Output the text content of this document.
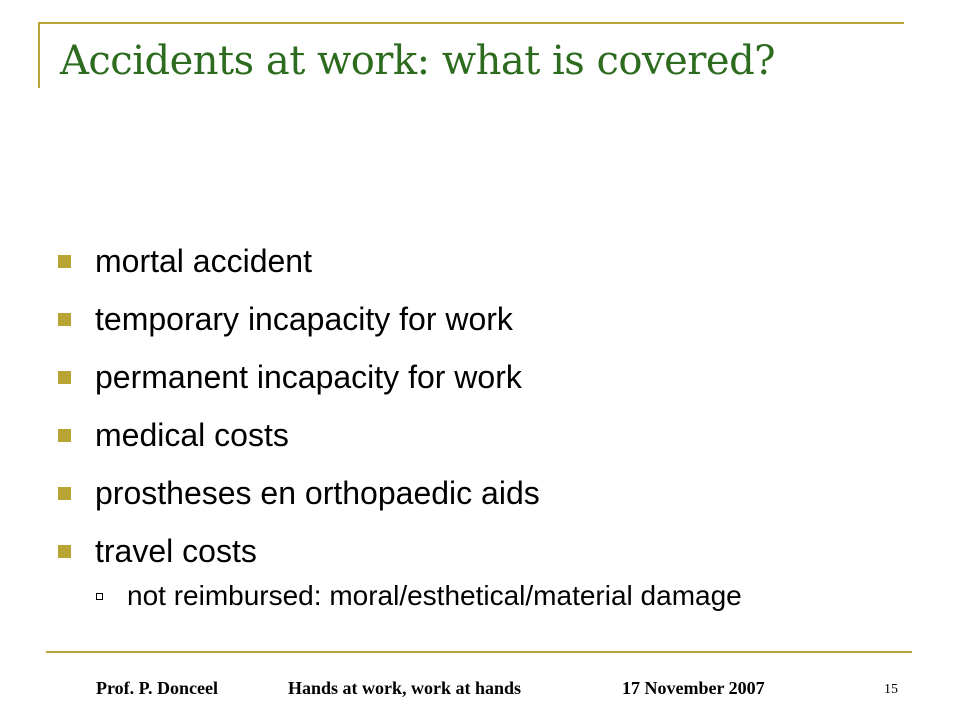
Accidents at work: what is covered?
mortal accident
temporary incapacity for work
permanent incapacity for work
medical costs
prostheses en orthopaedic aids
travel costs
not reimbursed: moral/esthetical/material damage
Prof. P. Donceel	Hands at work, work at hands	17 November 2007	15
